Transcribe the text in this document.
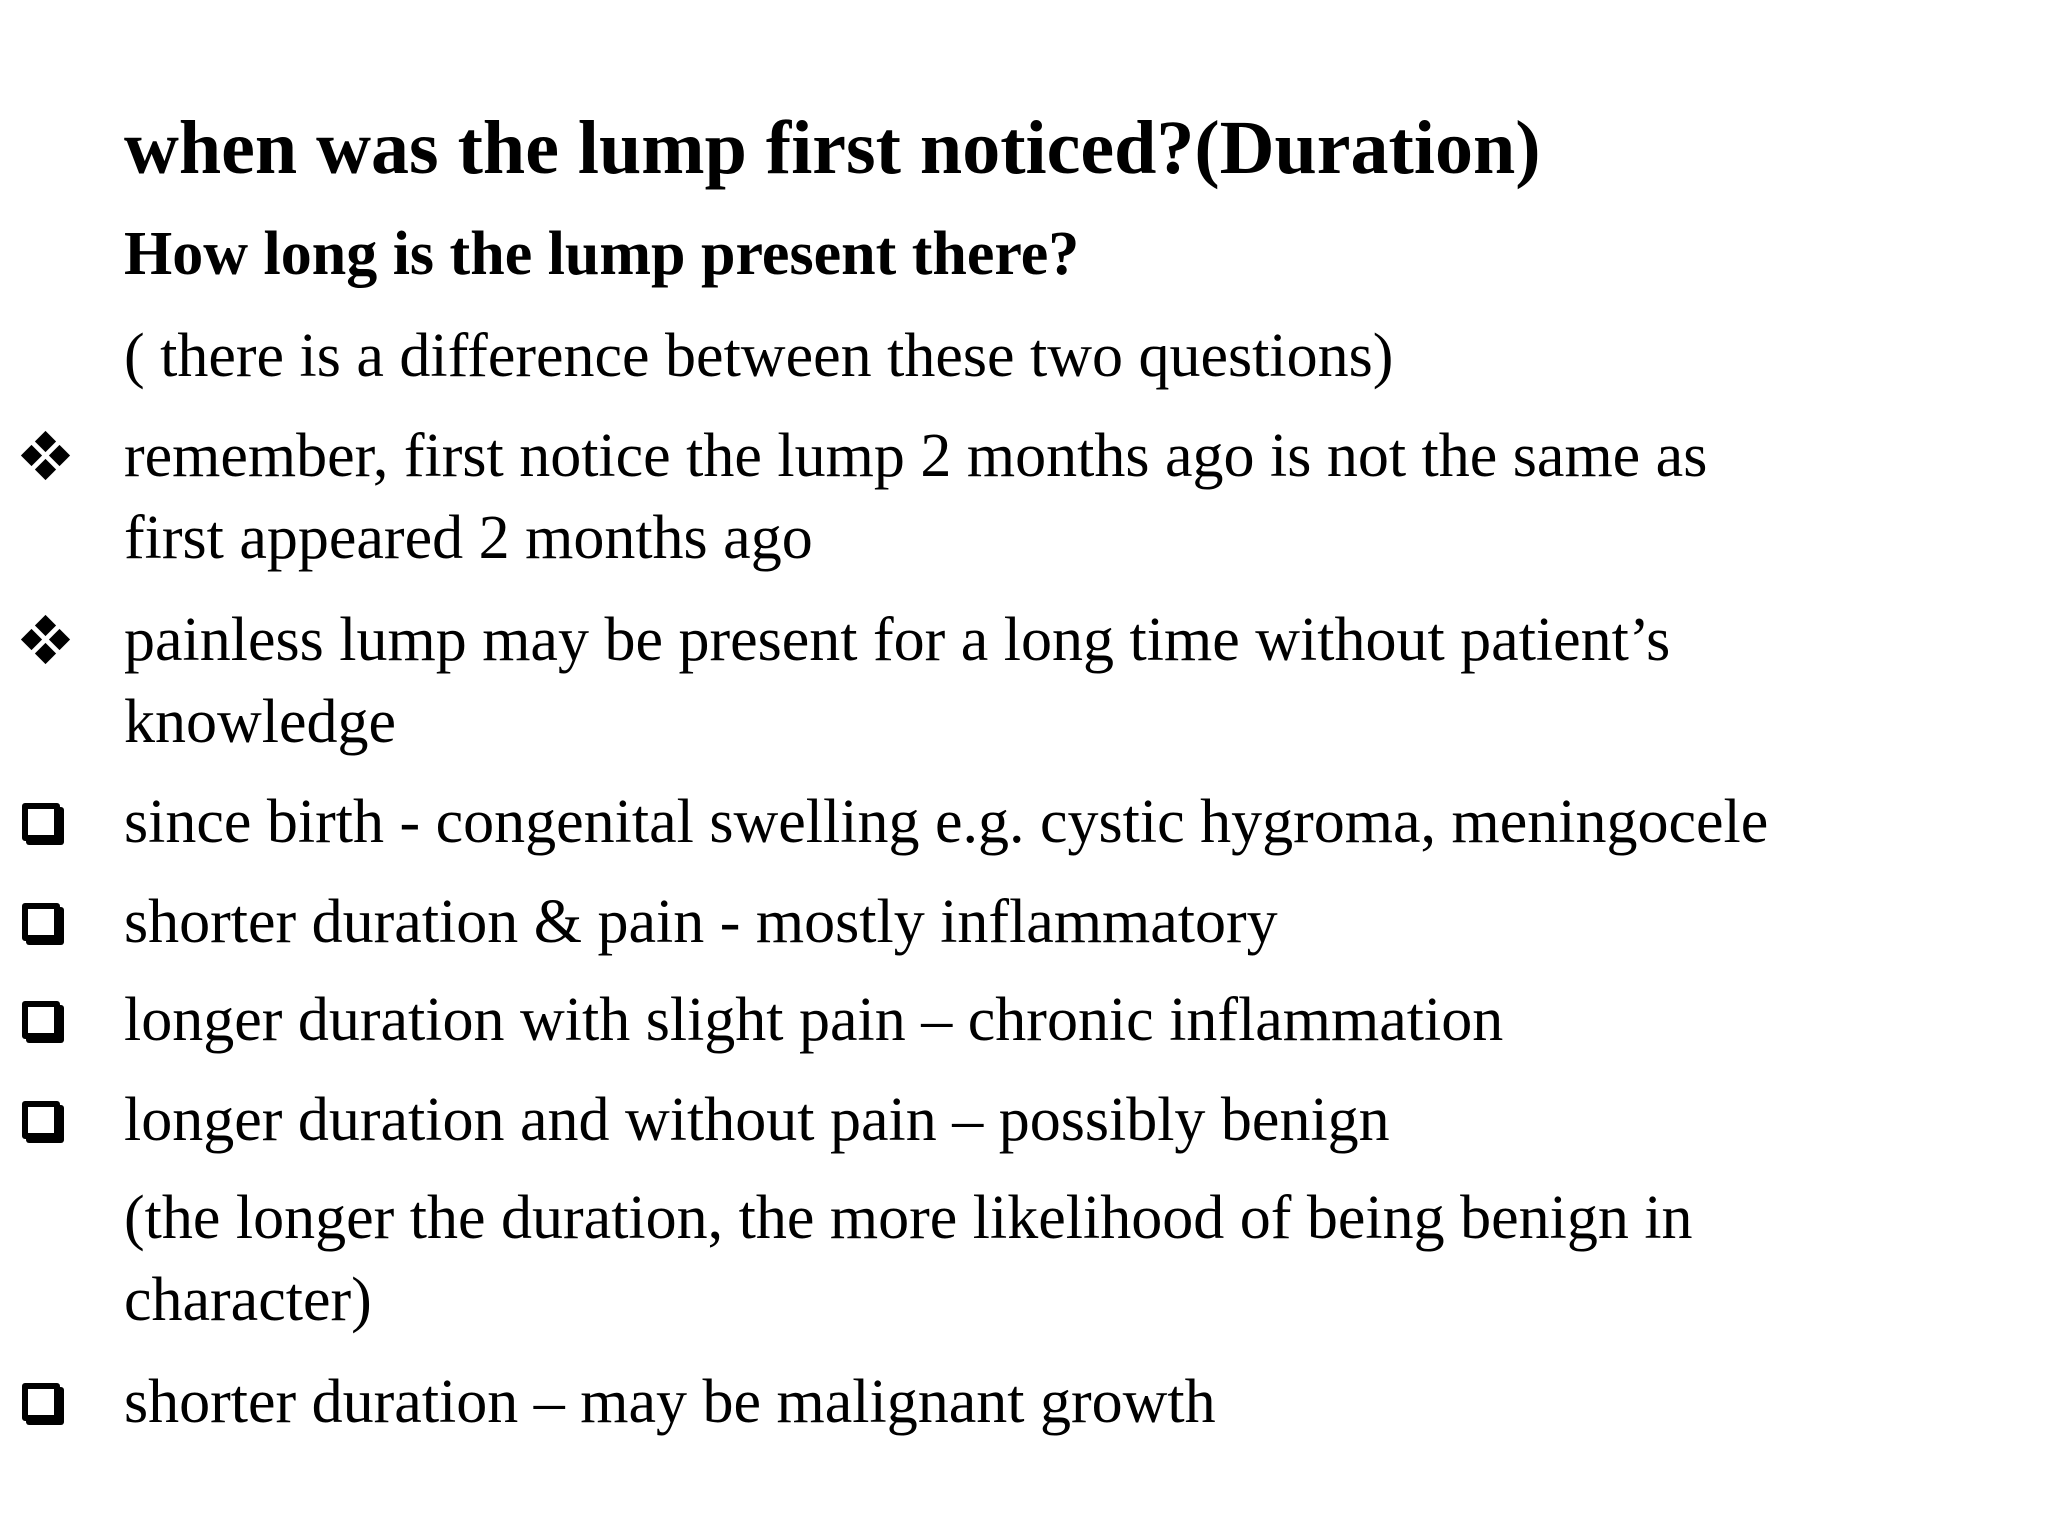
when was the lump first noticed?(Duration)
How long is the lump present there?
( there is a difference between these two questions)
remember, first notice the lump 2 months ago is not the same as
first appeared 2 months ago
painless lump may be present for a long time without patient’s
knowledge
since birth - congenital swelling e.g. cystic hygroma, meningocele
shorter duration & pain - mostly inflammatory
longer duration with slight pain – chronic inflammation
longer duration and without pain – possibly benign
(the longer the duration, the more likelihood of being benign in
character)
shorter duration – may be malignant growth
